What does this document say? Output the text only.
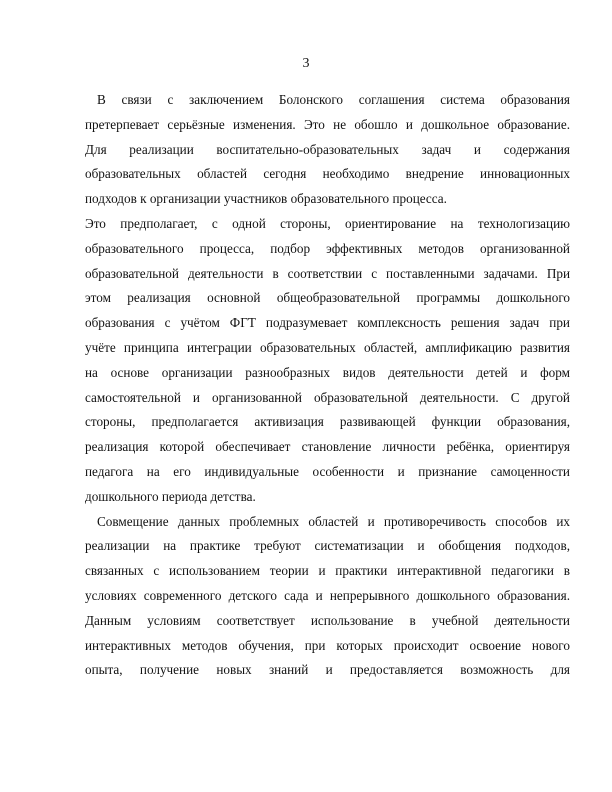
3
В связи с заключением Болонского соглашения система образования
претерпевает серьёзные изменения. Это не обошло и дошкольное образование.
Для реализации воспитательно-образовательных задач и содержания
образовательных областей сегодня необходимо внедрение инновационных
подходов к организации участников образовательного процесса.
Это предполагает, с одной стороны, ориентирование на технологизацию
образовательного процесса, подбор эффективных методов организованной
образовательной деятельности в соответствии с поставленными задачами. При
этом реализация основной общеобразовательной программы дошкольного
образования с учётом ФГТ подразумевает комплексность решения задач при
учёте принципа интеграции образовательных областей, амплификацию развития
на основе организации разнообразных видов деятельности детей и форм
самостоятельной и организованной образовательной деятельности. С другой
стороны, предполагается активизация развивающей функции образования,
реализация которой обеспечивает становление личности ребёнка, ориентируя
педагога на его индивидуальные особенности и признание самоценности
дошкольного периода детства.
Совмещение данных проблемных областей и противоречивость способов их
реализации на практике требуют систематизации и обобщения подходов,
связанных с использованием теории и практики интерактивной педагогики в
условиях современного детского сада и непрерывного дошкольного образования.
Данным условиям соответствует использование в учебной деятельности
интерактивных методов обучения, при которых происходит освоение нового
опыта, получение новых знаний и предоставляется возможность для
